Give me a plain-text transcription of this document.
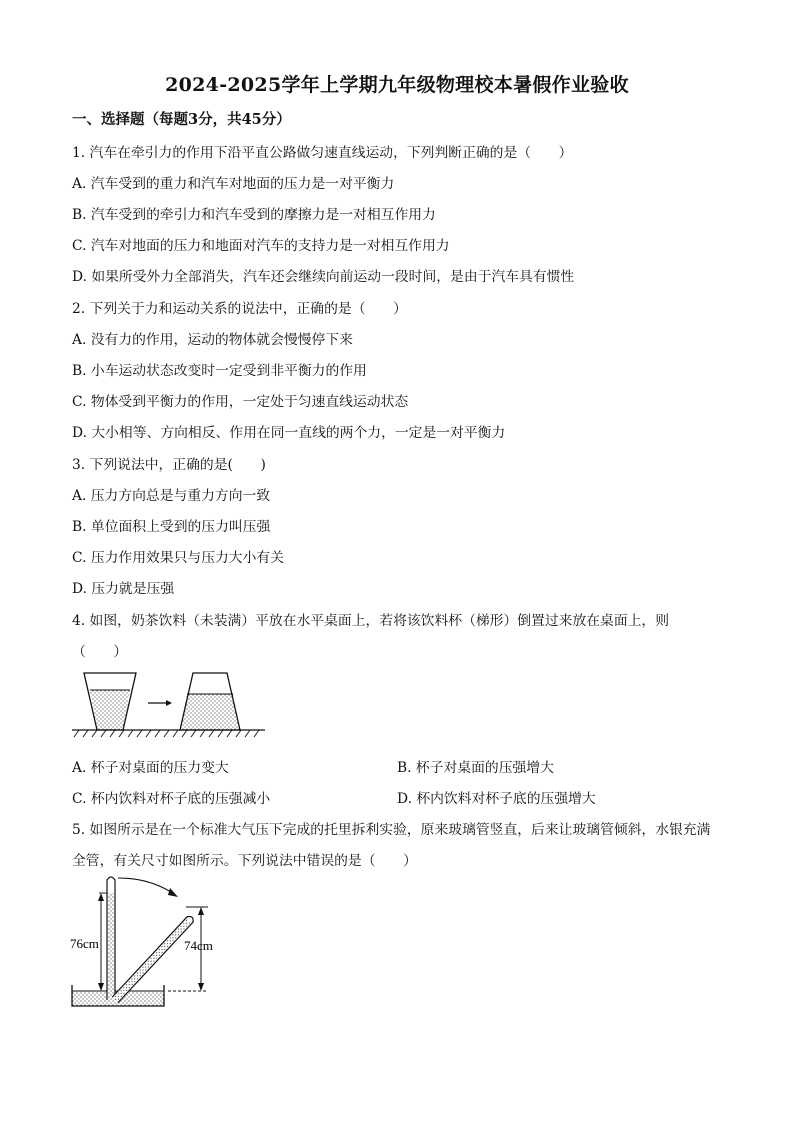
2024-2025学年上学期九年级物理校本暑假作业验收
一、选择题（每题3分，共45分）
1. 汽车在牵引力的作用下沿平直公路做匀速直线运动，下列判断正确的是（　　）
A. 汽车受到的重力和汽车对地面的压力是一对平衡力
B. 汽车受到的牵引力和汽车受到的摩擦力是一对相互作用力
C. 汽车对地面的压力和地面对汽车的支持力是一对相互作用力
D. 如果所受外力全部消失，汽车还会继续向前运动一段时间，是由于汽车具有惯性
2. 下列关于力和运动关系的说法中，正确的是（　　）
A. 没有力的作用，运动的物体就会慢慢停下来
B. 小车运动状态改变时一定受到非平衡力的作用
C. 物体受到平衡力的作用，一定处于匀速直线运动状态
D. 大小相等、方向相反、作用在同一直线的两个力，一定是一对平衡力
3. 下列说法中，正确的是(　　)
A. 压力方向总是与重力方向一致
B. 单位面积上受到的压力叫压强
C. 压力作用效果只与压力大小有关
D. 压力就是压强
4. 如图，奶茶饮料（未装满）平放在水平桌面上，若将该饮料杯（梯形）倒置过来放在桌面上，则
（　　）
A. 杯子对桌面的压力变大	B. 杯子对桌面的压强增大
C. 杯内饮料对杯子底的压强减小	D. 杯内饮料对杯子底的压强增大
5. 如图所示是在一个标准大气压下完成的托里拆利实验，原来玻璃管竖直，后来让玻璃管倾斜，水银充满
全管，有关尺寸如图所示。下列说法中错误的是（　　）
76cm	74cm
